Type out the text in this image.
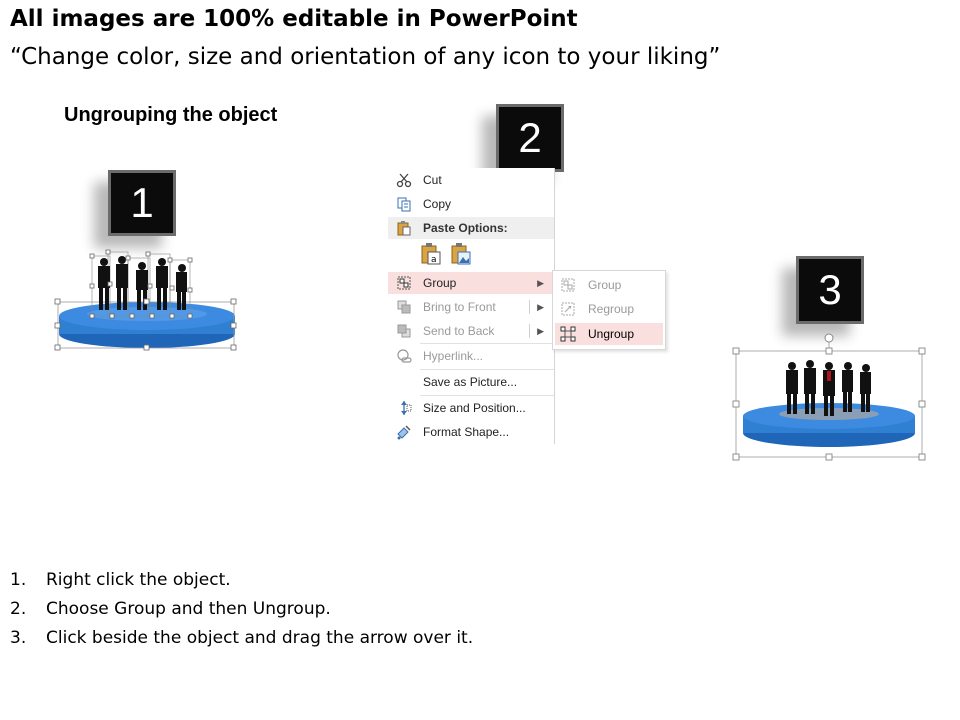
All images are 100% editable in PowerPoint
“Change color, size and orientation of any icon to your liking”
Ungrouping the object
1
2
3
Cut
Copy
Paste Options:
a
Group	▶
Bring to Front	▶
Send to Back	▶
Hyperlink...
Save as Picture...
Size and Position...
Format Shape...
Group
Regroup
Ungroup
1.	Right click the object.
2.	Choose Group and then Ungroup.
3.	Click beside the object and drag the arrow over it.
